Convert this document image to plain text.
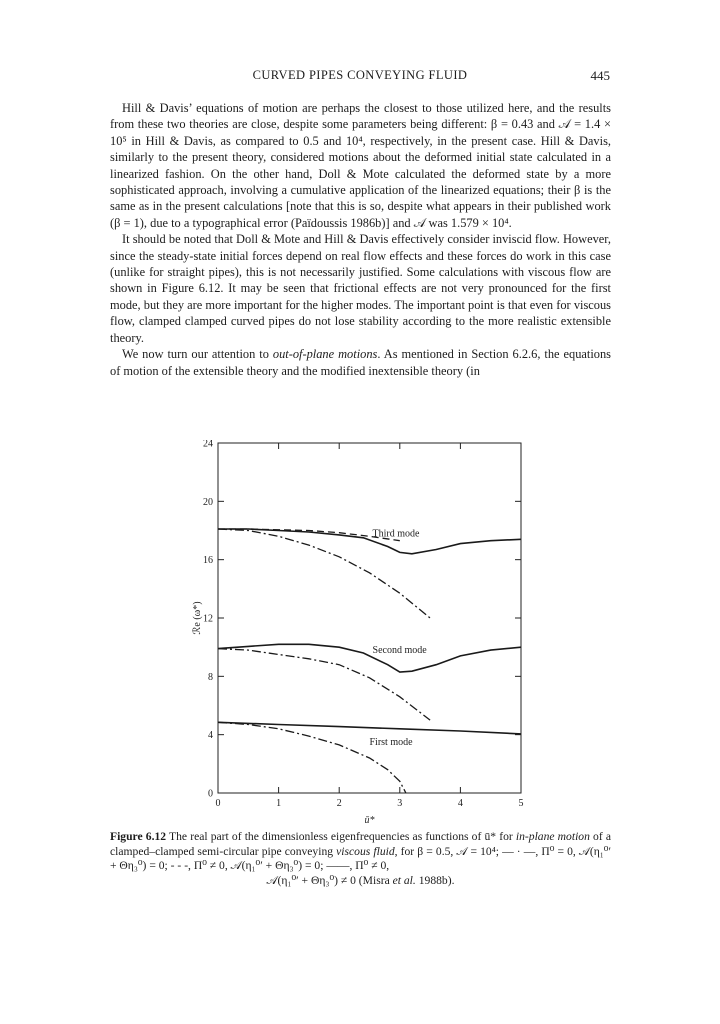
CURVED PIPES CONVEYING FLUID	445

Hill & Davis’ equations of motion are perhaps the closest to those utilized here, and the results from these two theories are close, despite some parameters being different: β = 0.43 and 𝒜 = 1.4 × 10⁵ in Hill & Davis, as compared to 0.5 and 10⁴, respectively, in the present case. Hill & Davis, similarly to the present theory, considered motions about the deformed initial state calculated in a linearized fashion. On the other hand, Doll & Mote calculated the deformed state by a more sophisticated approach, involving a cumulative application of the linearized equations; their β is the same as in the present calculations [note that this is so, despite what appears in their published work (β = 1), due to a typographical error (Païdoussis 1986b)] and 𝒜 was 1.579 × 10⁴.

It should be noted that Doll & Mote and Hill & Davis effectively consider inviscid flow. However, since the steady-state initial forces depend on real flow effects and these forces do work in this case (unlike for straight pipes), this is not necessarily justified. Some calculations with viscous flow are shown in Figure 6.12. It may be seen that frictional effects are not very pronounced for the first mode, but they are more important for the higher modes. The important point is that even for viscous flow, clamped clamped curved pipes do not lose stability according to the more realistic extensible theory.

We now turn our attention to out-of-plane motions. As mentioned in Section 6.2.6, the equations of motion of the extensible theory and the modified inextensible theory (in

0	1	2	3	4	5
0
4
8
12
16
20
24
Third mode
Second mode
First mode
ū*
ℛe (ω*)
Figure 6.12 The real part of the dimensionless eigenfrequencies as functions of ū* for in-plane motion of a clamped–clamped semi-circular pipe conveying viscous fluid, for β = 0.5, 𝒜 = 10⁴; — · —, Π⁰ = 0, 𝒜(η₁⁰′ + Θη₃⁰) = 0; - - -, Π⁰ ≠ 0, 𝒜(η₁⁰′ + Θη₃⁰) = 0; ——, Π⁰ ≠ 0,
𝒜(η₁⁰′ + Θη₃⁰) ≠ 0 (Misra et al. 1988b).
